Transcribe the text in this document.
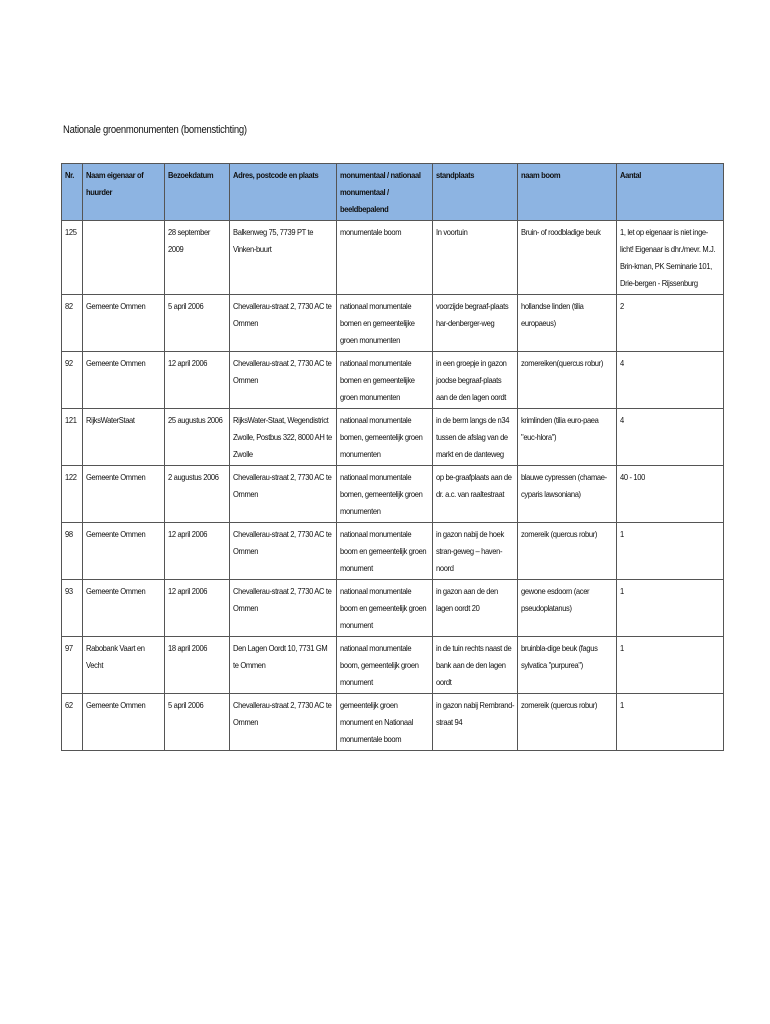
Nationale groenmonumenten (bomenstichting)
Nr.	Naam eigenaar of huurder	Bezoekdatum	Adres, postcode en plaats	monumentaal / nationaal monumentaal / beeldbepalend	standplaats	naam boom	Aantal

125		28 september 2009	Balkenweg 75, 7739 PT te Vinken-buurt	monumentale boom	In voortuin	Bruin- of roodbladige beuk	1, let op eigenaar is niet inge-licht! Eigenaar is dhr./mevr. M.J. Brin-kman, PK Seminarie 101, Drie-bergen - Rijssenburg

82	Gemeente Ommen	5 april 2006	Chevallerau-straat 2, 7730 AC te Ommen	nationaal monumentale bomen en gemeentelijke groen monumenten	voorzijde begraaf-plaats har-denberger-weg	hollandse linden (tilia europaeus)	2

92	Gemeente Ommen	12 april 2006	Chevallerau-straat 2, 7730 AC te Ommen	nationaal monumentale bomen en gemeentelijke groen monumenten	in een groepje in gazon joodse begraaf-plaats aan de den lagen oordt	zomereiken(quercus robur)	4

121	RijksWaterStaat	25 augustus 2006	RijksWater-Staat, Wegendistrict Zwolle, Postbus 322, 8000 AH te Zwolle	nationaal monumentale bomen, gemeentelijk groen monumenten	in de berm langs de n34 tussen de afslag van de markt en de danteweg	krimlinden (tilia euro-paea "euc-hlora")	4

122	Gemeente Ommen	2 augustus 2006	Chevallerau-straat 2, 7730 AC te Ommen	nationaal monumentale bomen, gemeentelijk groen monumenten	op be-graafplaats aan de dr. a.c. van raaltestraat	blauwe cypressen (chamae-cyparis lawsoniana)	40 - 100

98	Gemeente Ommen	12 april 2006	Chevallerau-straat 2, 7730 AC te Ommen	nationaal monumentale boom en gemeentelijk groen monument	in gazon nabij de hoek stran-geweg – haven-noord	zomereik (quercus robur)	1

93	Gemeente Ommen	12 april 2006	Chevallerau-straat 2, 7730 AC te Ommen	nationaal monumentale boom en gemeentelijk groen monument	in gazon aan de den lagen oordt 20	gewone esdoorn (acer pseudoplatanus)	1

97	Rabobank Vaart en Vecht	18 april 2006	Den Lagen Oordt 10, 7731 GM te Ommen	nationaal monumentale boom, gemeentelijk groen monument	in de tuin rechts naast de bank aan de den lagen oordt	bruinbla-dige beuk (fagus sylvatica "purpurea")	1

62	Gemeente Ommen	5 april 2006	Chevallerau-straat 2, 7730 AC te Ommen	gemeentelijk groen monument en Nationaal monumentale boom	in gazon nabij Rembrand-straat 94	zomereik (quercus robur)	1
